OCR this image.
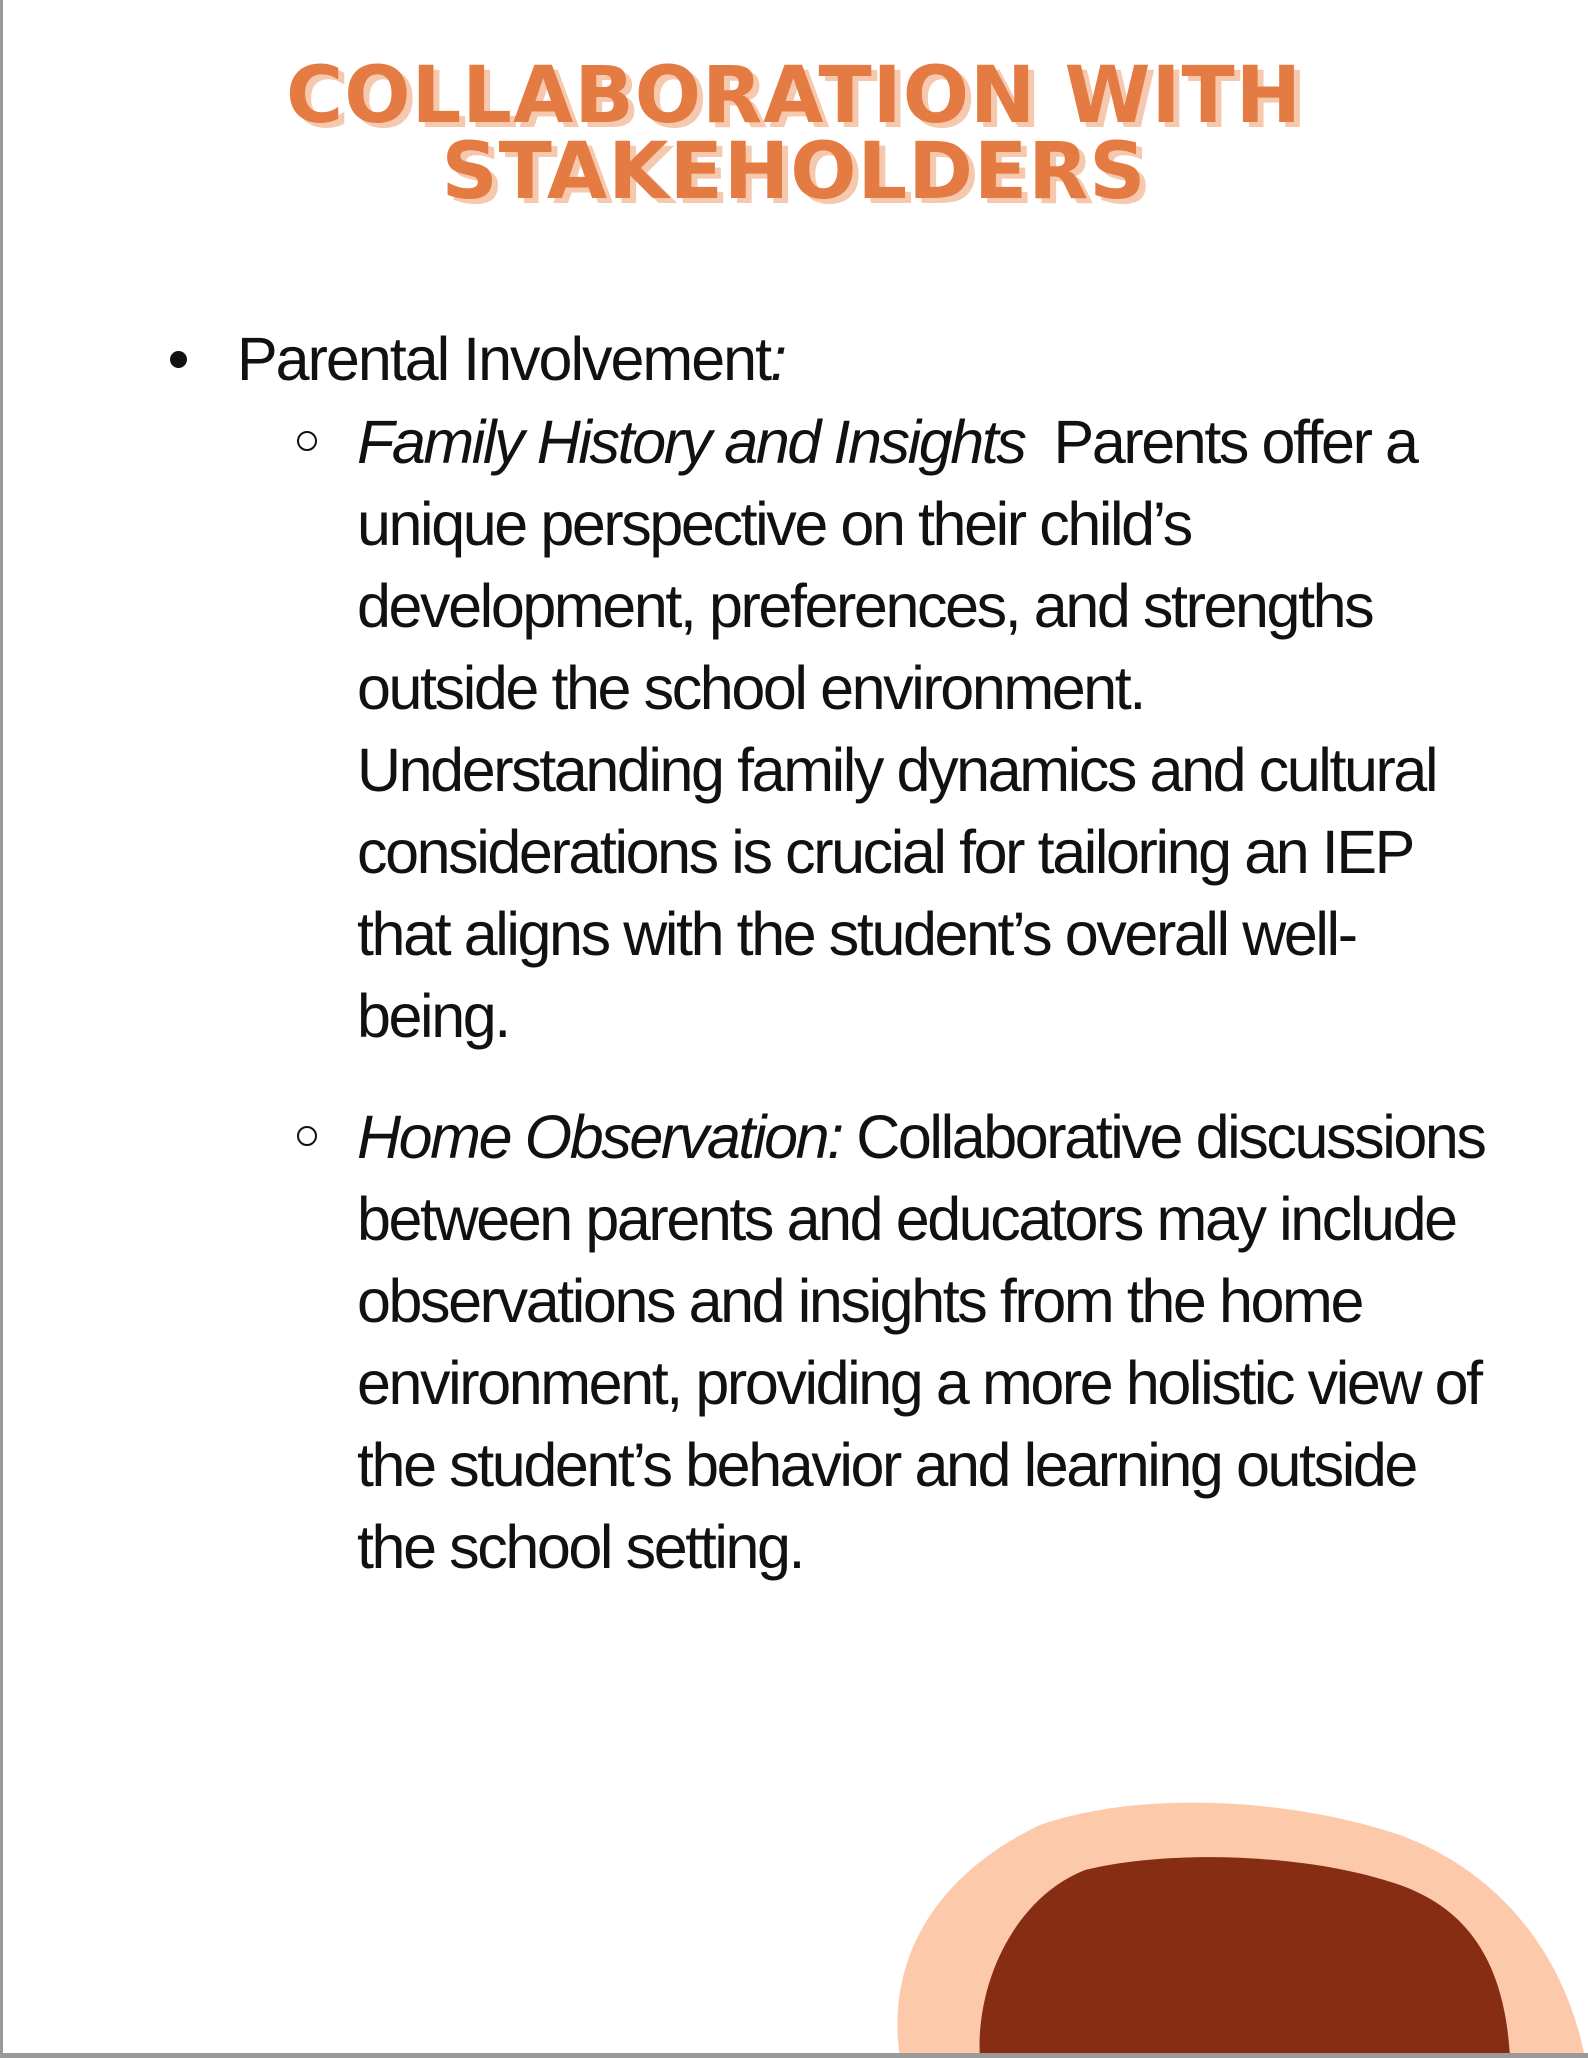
COLLABORATION WITH
STAKEHOLDERS
Parental Involvement:

Family History and Insights  Parents offer a unique perspective on their child’s development, preferences, and strengths outside the school environment. Understanding family dynamics and cultural considerations is crucial for tailoring an IEP that aligns with the student’s overall well-being.

Home Observation: Collaborative discussions between parents and educators may include observations and insights from the home environment, providing a more holistic view of the student’s behavior and learning outside the school setting.
